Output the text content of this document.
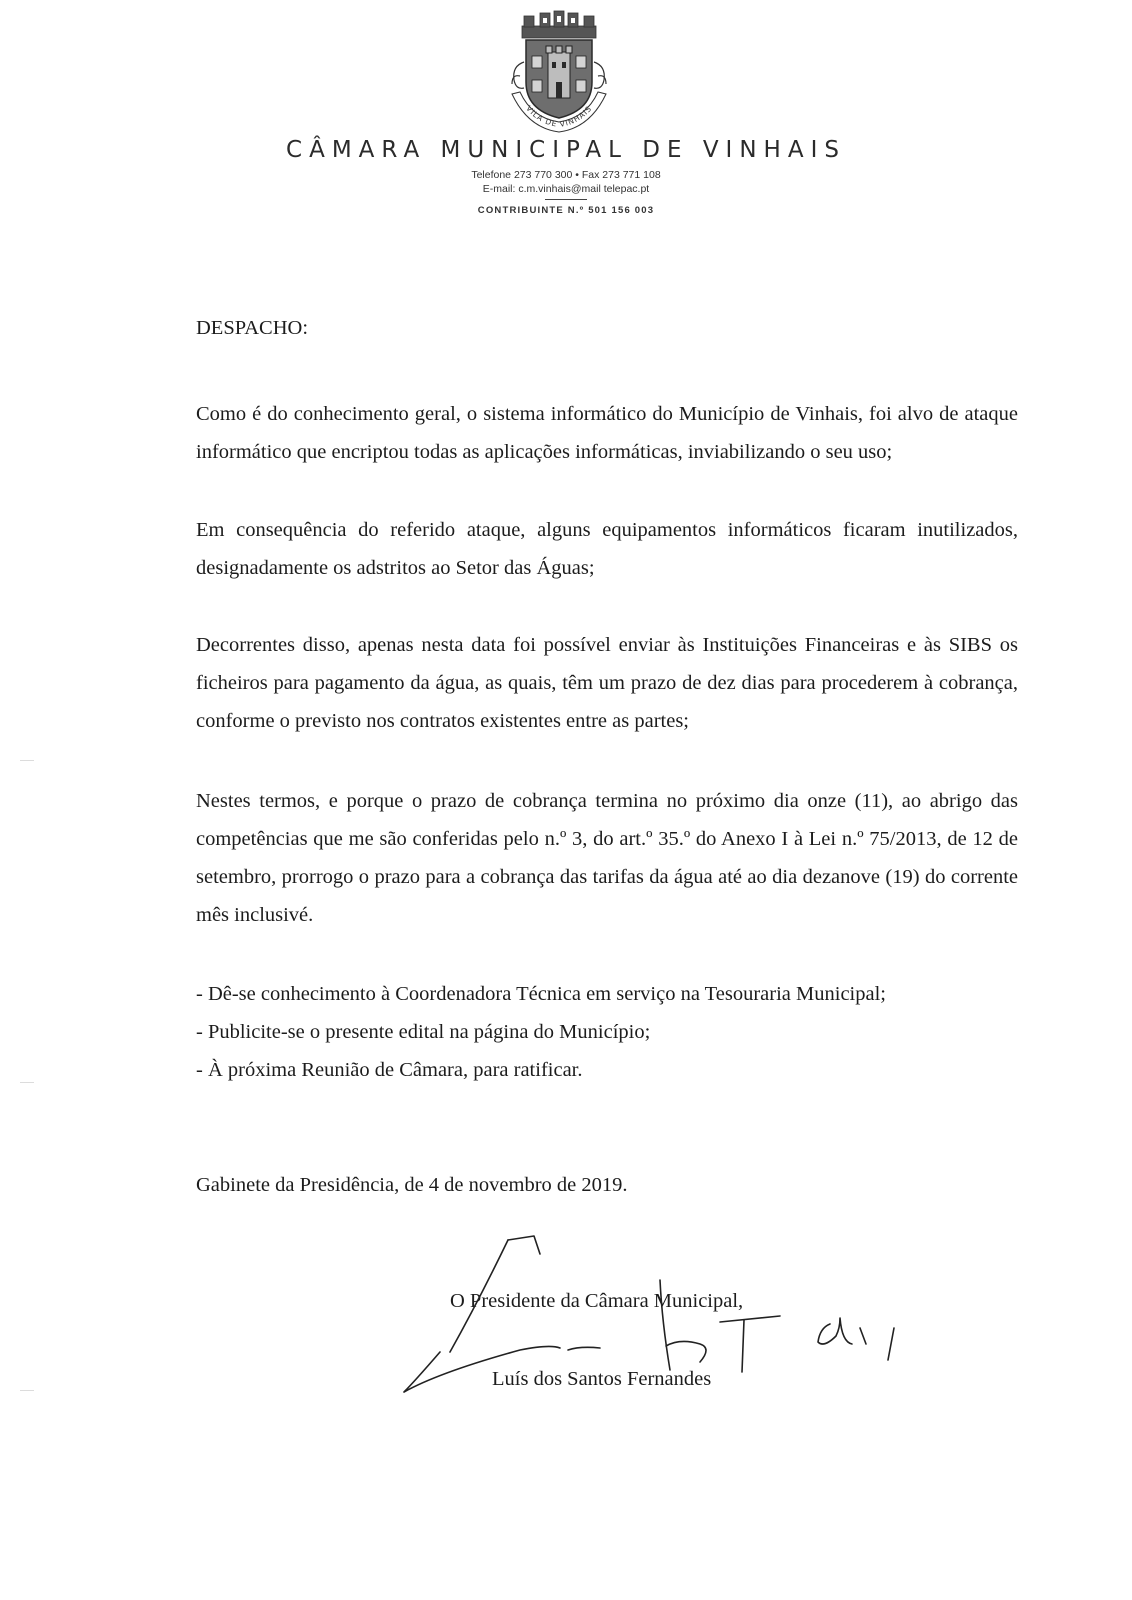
VILA DE VINHAIS
CÂMARA MUNICIPAL DE VINHAIS
Telefone 273 770 300 • Fax 273 771 108
E-mail: c.m.vinhais@mail telepac.pt
CONTRIBUINTE N.º 501 156 003
DESPACHO:

Como é do conhecimento geral, o sistema informático do Município de Vinhais, foi alvo de ataque informático que encriptou todas as aplicações informáticas, inviabilizando o seu uso;

Em consequência do referido ataque, alguns equipamentos informáticos ficaram inutilizados, designadamente os adstritos ao Setor das Águas;

Decorrentes disso, apenas nesta data foi possível enviar às Instituições Financeiras e às SIBS os ficheiros para pagamento da água, as quais, têm um prazo de dez dias para procederem à cobrança, conforme o previsto nos contratos existentes entre as partes;

Nestes termos, e porque o prazo de cobrança termina no próximo dia onze (11), ao abrigo das competências que me são conferidas pelo n.º 3, do art.º 35.º do Anexo I à Lei n.º 75/2013, de 12 de setembro, prorrogo o prazo para a cobrança das tarifas da água até ao dia dezanove (19) do corrente mês inclusivé.

- Dê-se conhecimento à Coordenadora Técnica em serviço na Tesouraria Municipal;
- Publicite-se o presente edital na página do Município;
- À próxima Reunião de Câmara, para ratificar.

Gabinete da Presidência, de 4 de novembro de 2019.

O Presidente da Câmara Municipal,

Luís dos Santos Fernandes
